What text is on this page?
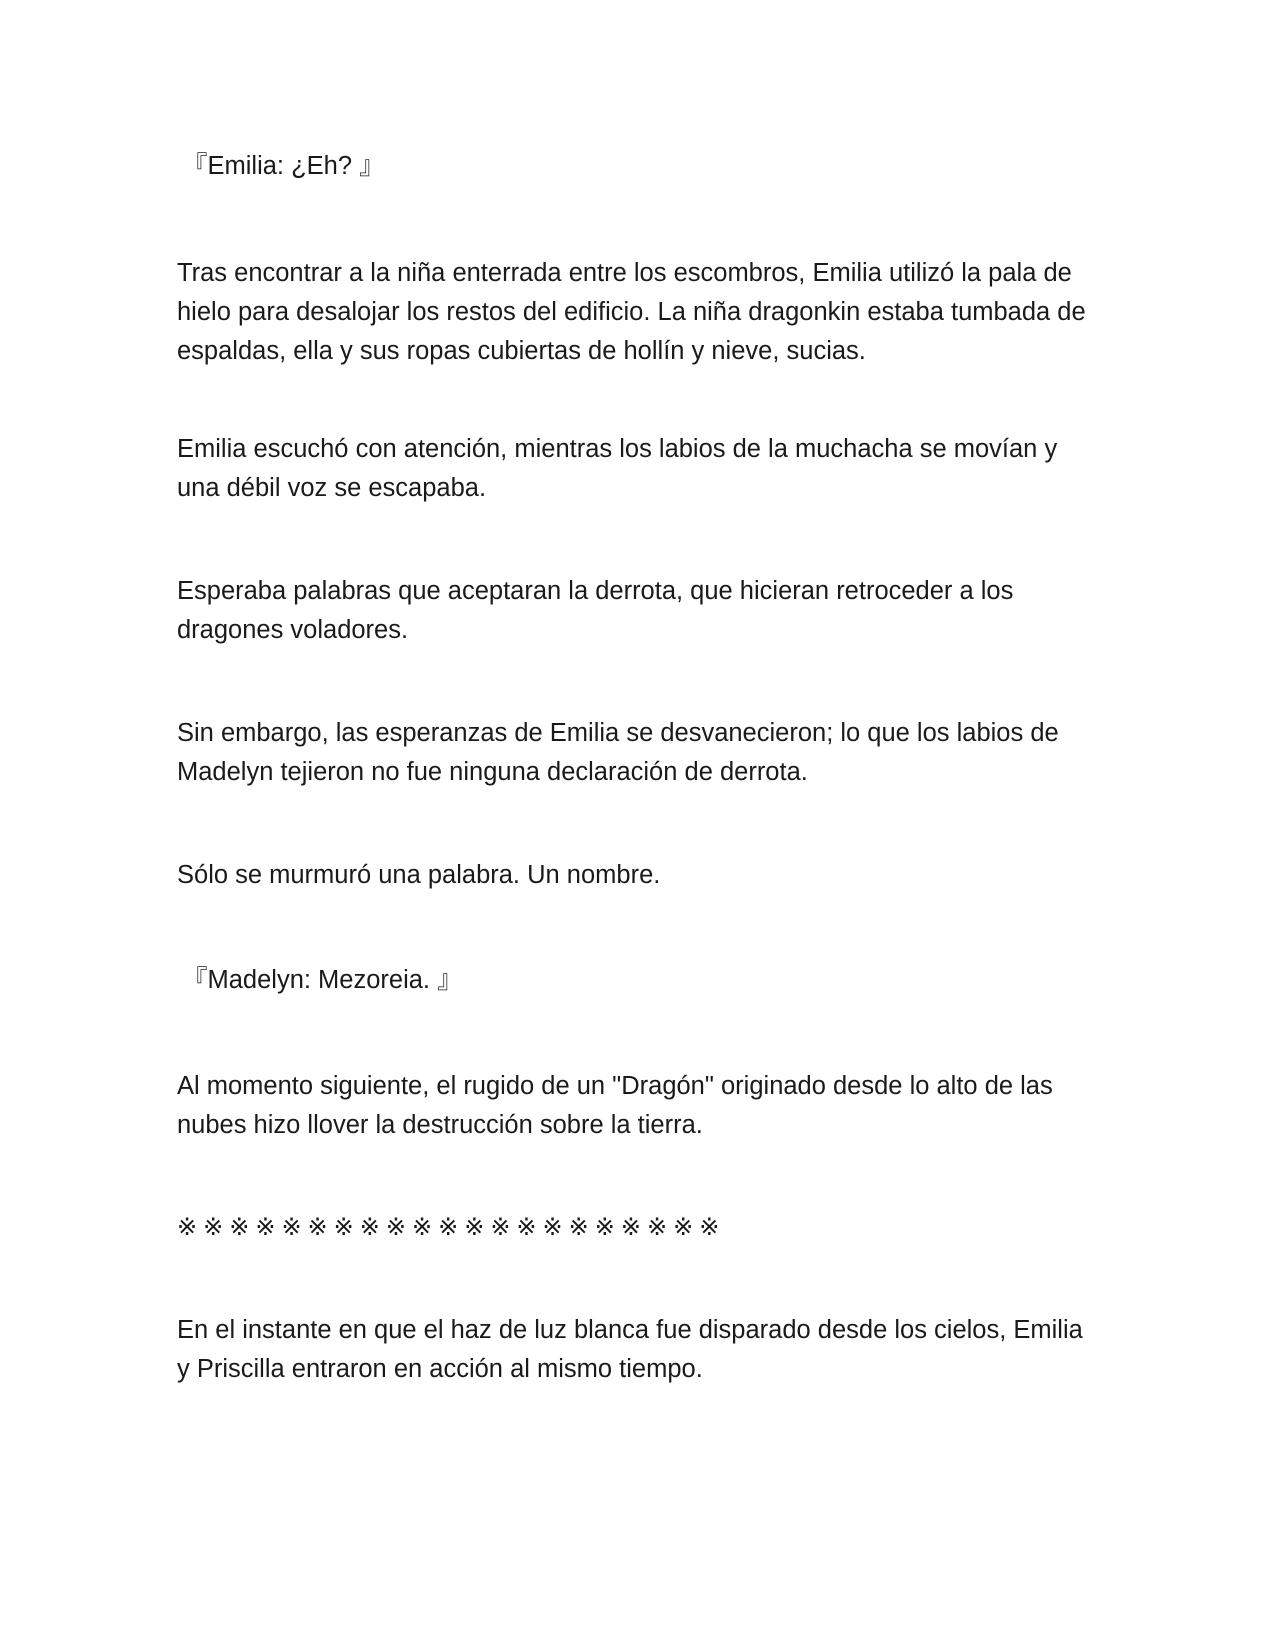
『Emilia: ¿Eh? 』

Tras encontrar a la niña enterrada entre los escombros, Emilia utilizó la pala de hielo para desalojar los restos del edificio. La niña dragonkin estaba tumbada de espaldas, ella y sus ropas cubiertas de hollín y nieve, sucias.

Emilia escuchó con atención, mientras los labios de la muchacha se movían y una débil voz se escapaba.

Esperaba palabras que aceptaran la derrota, que hicieran retroceder a los dragones voladores.

Sin embargo, las esperanzas de Emilia se desvanecieron; lo que los labios de Madelyn tejieron no fue ninguna declaración de derrota.

Sólo se murmuró una palabra. Un nombre.

『Madelyn: Mezoreia. 』

Al momento siguiente, el rugido de un "Dragón" originado desde lo alto de las nubes hizo llover la destrucción sobre la tierra.

※※※※※※※※※※※※※※※※※※※※※

En el instante en que el haz de luz blanca fue disparado desde los cielos, Emilia y Priscilla entraron en acción al mismo tiempo.
